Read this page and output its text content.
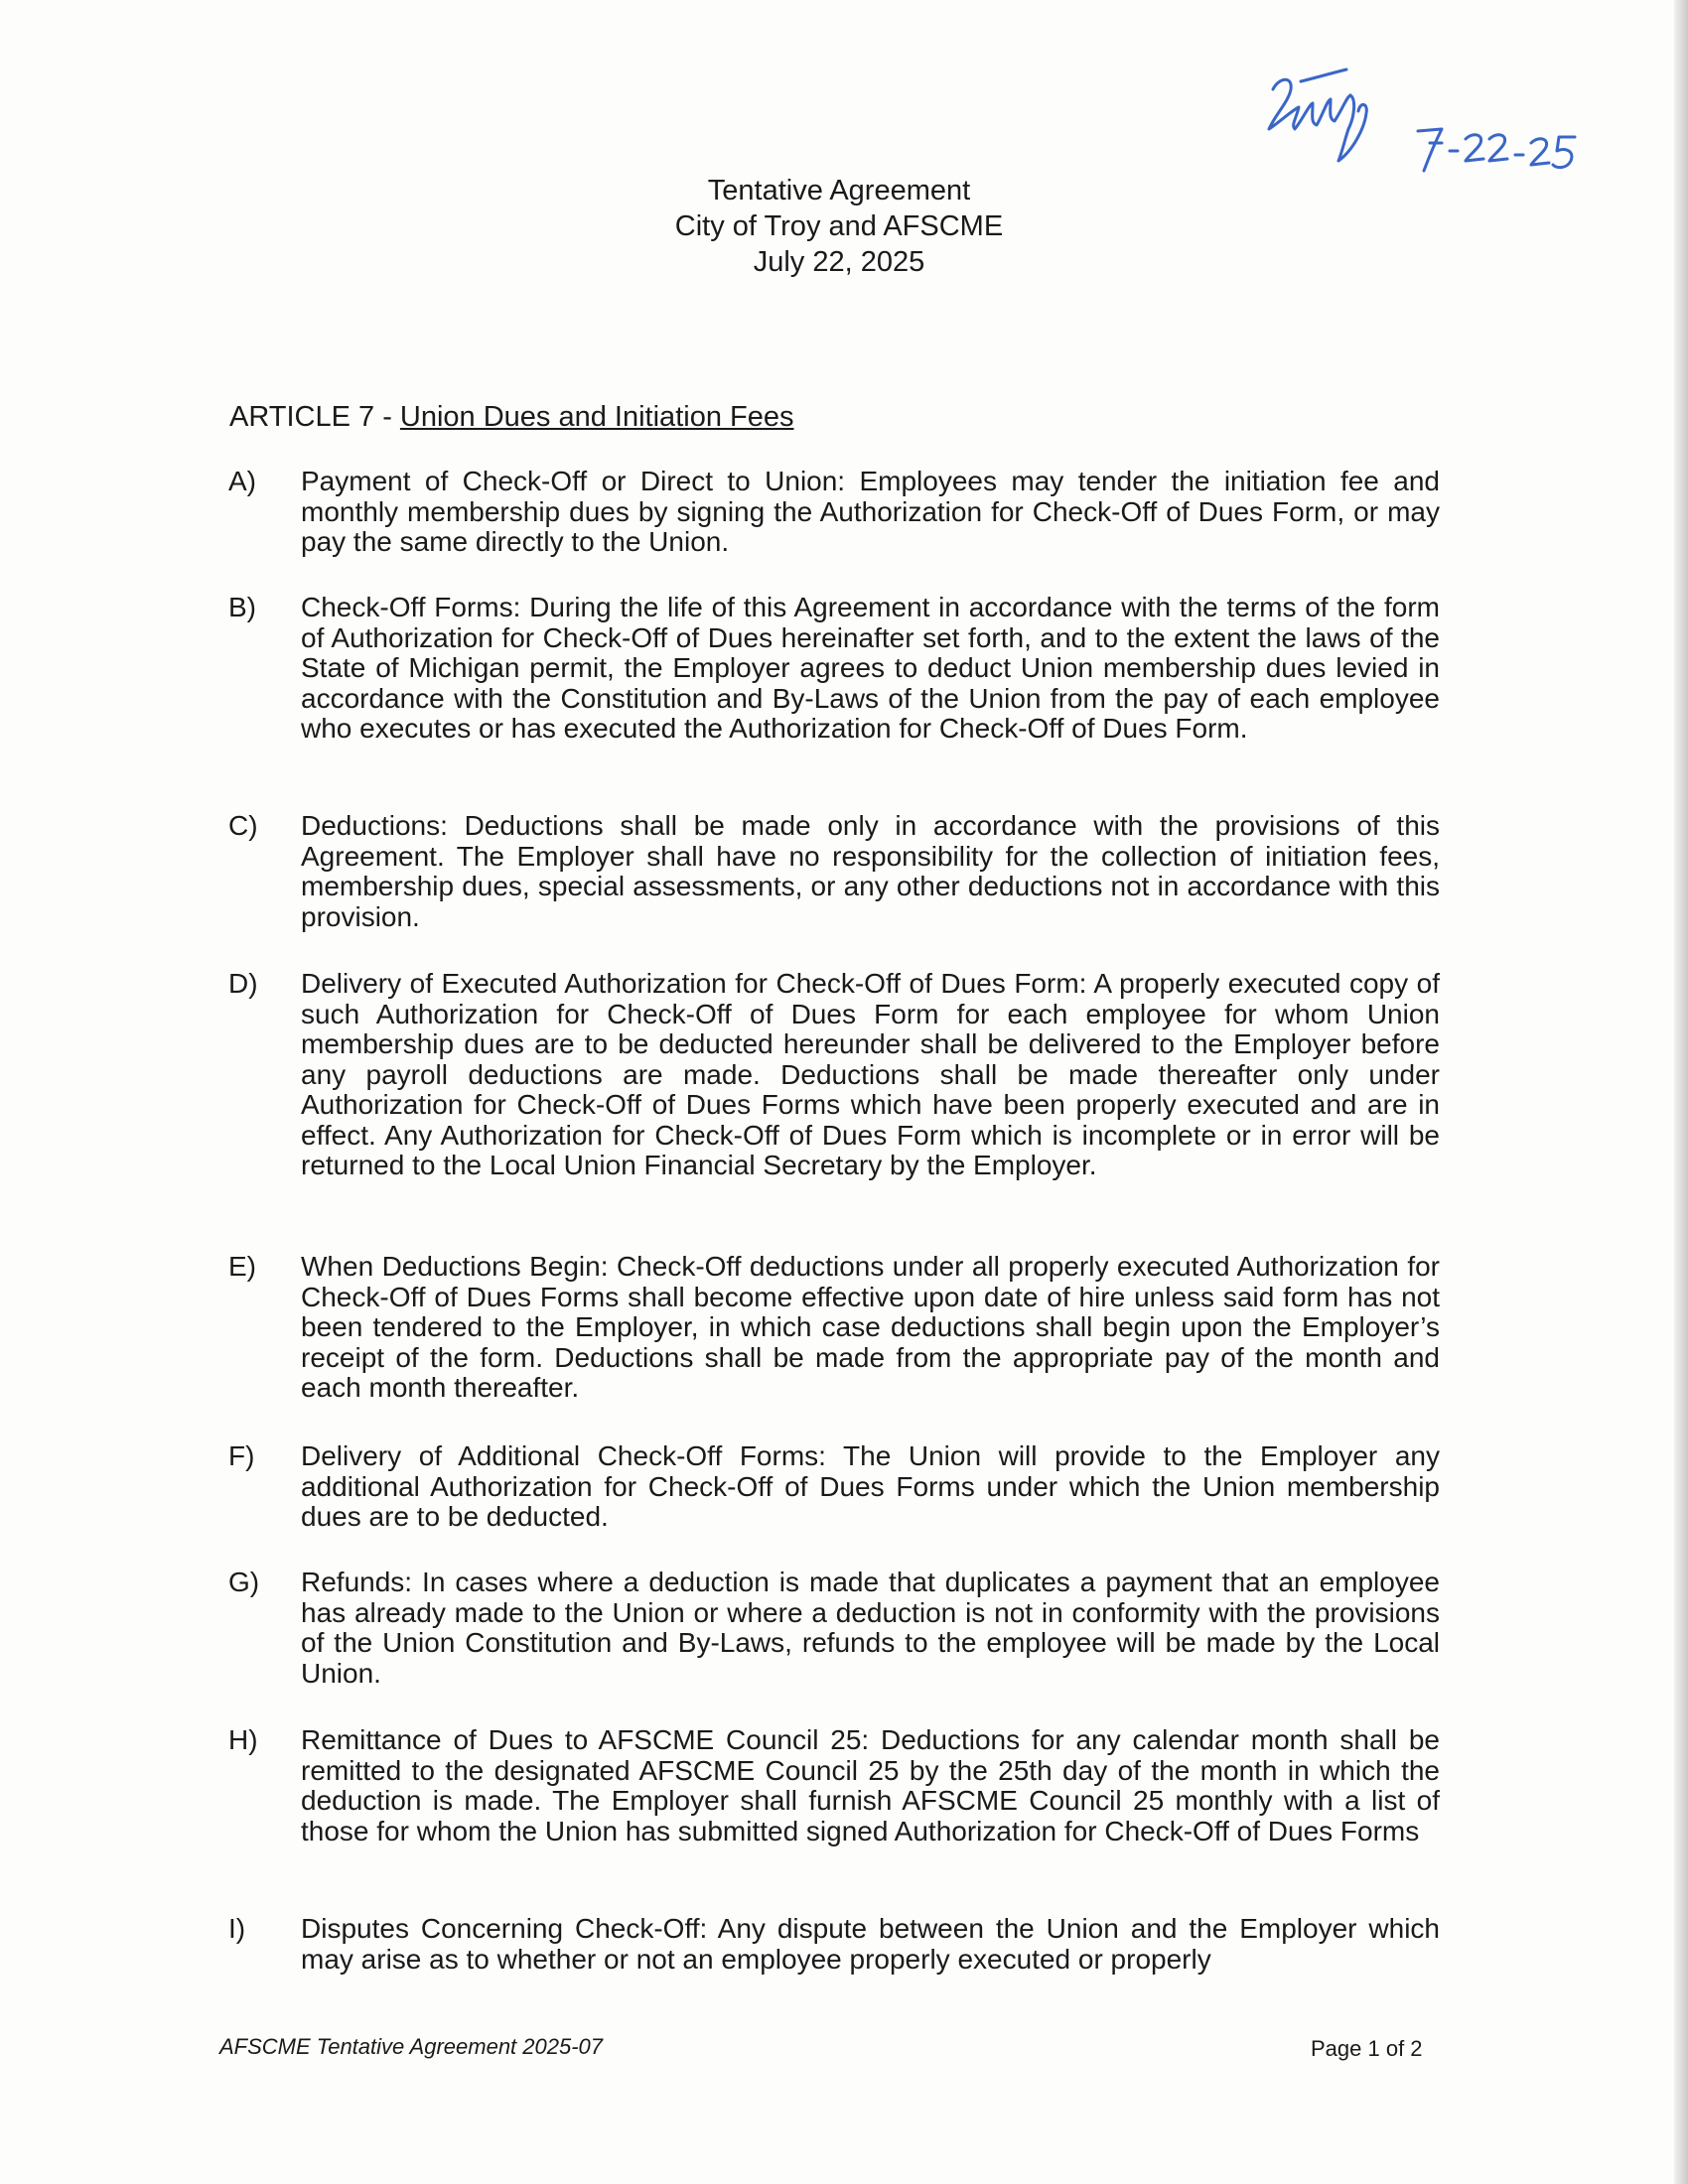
Tentative Agreement
City of Troy and AFSCME
July 22, 2025
ARTICLE 7 - Union Dues and Initiation Fees
A)	Payment of Check-Off or Direct to Union: Employees may tender the initiation fee and monthly membership dues by signing the Authorization for Check-Off of Dues Form, or may pay the same directly to the Union.
B)	Check-Off Forms: During the life of this Agreement in accordance with the terms of the form of Authorization for Check-Off of Dues hereinafter set forth, and to the extent the laws of the State of Michigan permit, the Employer agrees to deduct Union membership dues levied in accordance with the Constitution and By-Laws of the Union from the pay of each employee who executes or has executed the Authorization for Check-Off of Dues Form.
C)	Deductions: Deductions shall be made only in accordance with the provisions of this Agreement. The Employer shall have no responsibility for the collection of initiation fees, membership dues, special assessments, or any other deductions not in accordance with this provision.
D)	Delivery of Executed Authorization for Check-Off of Dues Form: A properly executed copy of such Authorization for Check-Off of Dues Form for each employee for whom Union membership dues are to be deducted hereunder shall be delivered to the Employer before any payroll deductions are made. Deductions shall be made thereafter only under Authorization for Check-Off of Dues Forms which have been properly executed and are in effect. Any Authorization for Check-Off of Dues Form which is incomplete or in error will be returned to the Local Union Financial Secretary by the Employer.
E)	When Deductions Begin: Check-Off deductions under all properly executed Authorization for Check-Off of Dues Forms shall become effective upon date of hire unless said form has not been tendered to the Employer, in which case deductions shall begin upon the Employer’s receipt of the form. Deductions shall be made from the appropriate pay of the month and each month thereafter.
F)	Delivery of Additional Check-Off Forms: The Union will provide to the Employer any additional Authorization for Check-Off of Dues Forms under which the Union membership dues are to be deducted.
G)	Refunds: In cases where a deduction is made that duplicates a payment that an employee has already made to the Union or where a deduction is not in conformity with the provisions of the Union Constitution and By-Laws, refunds to the employee will be made by the Local Union.
H)	Remittance of Dues to AFSCME Council 25: Deductions for any calendar month shall be remitted to the designated AFSCME Council 25 by the 25th day of the month in which the deduction is made. The Employer shall furnish AFSCME Council 25 monthly with a list of those for whom the Union has submitted signed Authorization for Check-Off of Dues Forms
I)	Disputes Concerning Check-Off: Any dispute between the Union and the Employer which may arise as to whether or not an employee properly executed or properly
AFSCME Tentative Agreement 2025-07	Page 1 of 2
